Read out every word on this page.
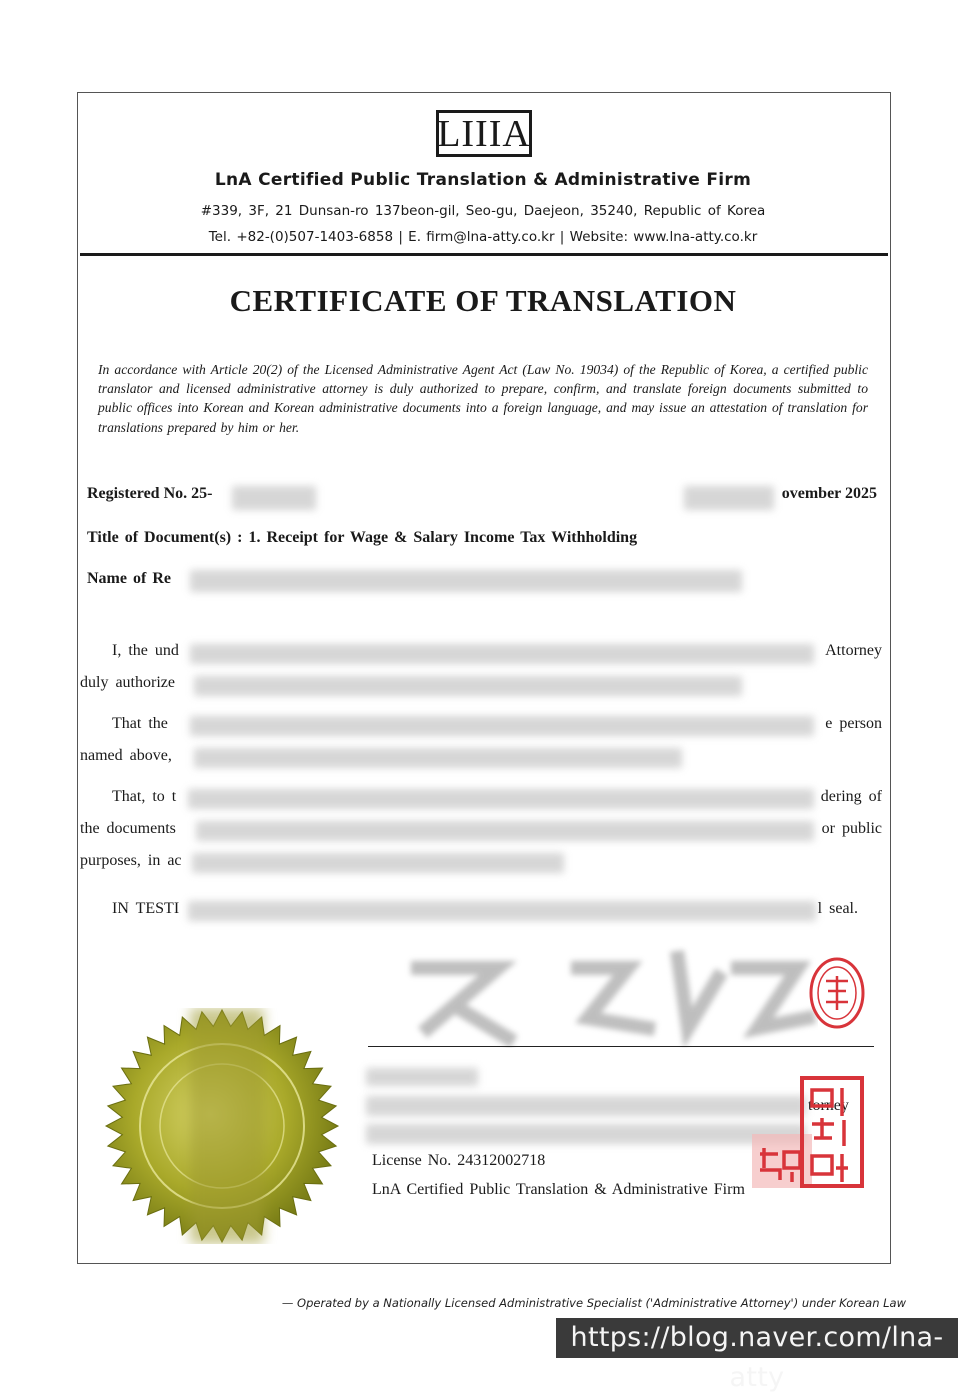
LIIIA
LnA Certified Public Translation & Administrative Firm
#339, 3F, 21 Dunsan-ro 137beon-gil, Seo-gu, Daejeon, 35240, Republic of Korea
Tel. +82-(0)507-1403-6858 | E. firm@lna-atty.co.kr | Website: www.lna-atty.co.kr
CERTIFICATE OF TRANSLATION
In accordance with Article 20(2) of the Licensed Administrative Agent Act (Law No. 19034) of the Republic of Korea, a certified public translator and licensed administrative attorney is duly authorized to prepare, confirm, and translate foreign documents submitted to public offices into Korean and Korean administrative documents into a foreign language, and may issue an attestation of translation for translations prepared by him or her.
Registered No. 25-	ovember 2025
Title of Document(s) : 1. Receipt for Wage & Salary Income Tax Withholding
Name of Re
I, the und	Attorney
duly authorize
That the	e person
named above,
That, to t	dering of
the documents	or public
purposes, in ac
IN TESTI	l seal.
torney
License No. 24312002718
LnA Certified Public Translation & Administrative Firm
— Operated by a Nationally Licensed Administrative Specialist ('Administrative Attorney') under Korean Law
https://blog.naver.com/lna-atty
